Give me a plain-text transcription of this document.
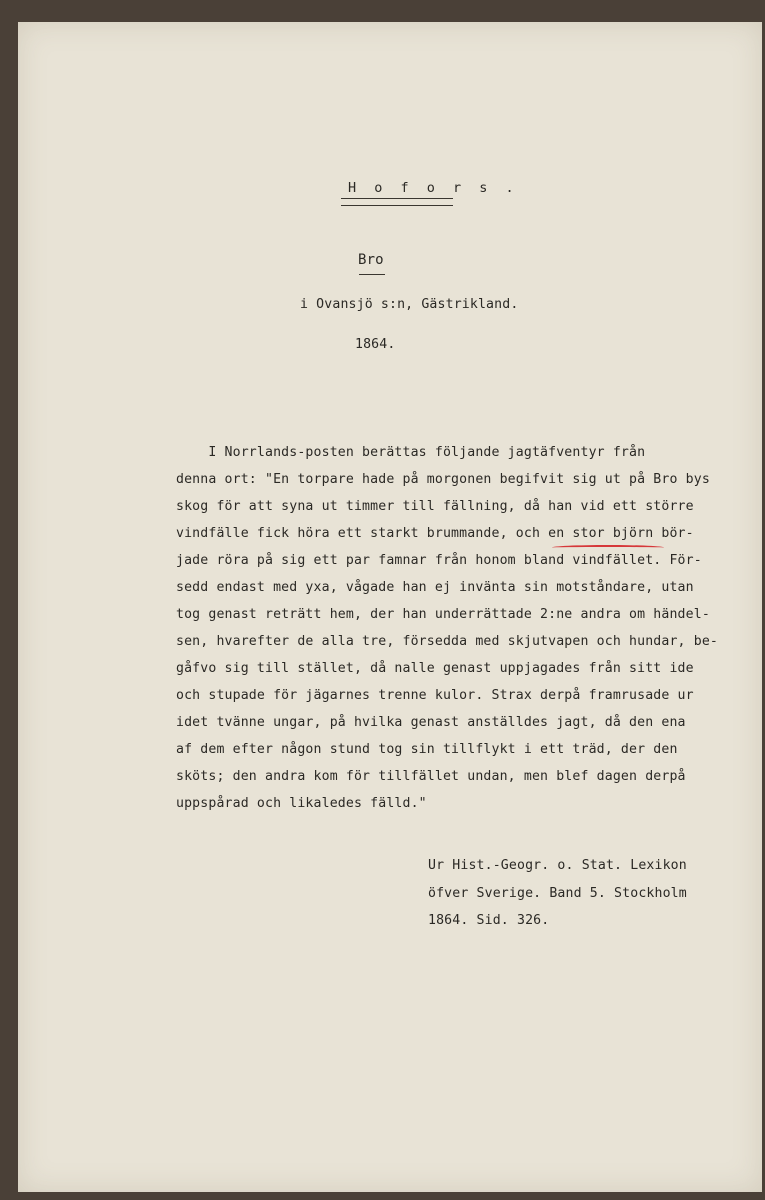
H o f o r s .
Bro
i Ovansjö s:n, Gästrikland.
1864.
I Norrlands-posten berättas följande jagtäfventyr från
denna ort: "En torpare hade på morgonen begifvit sig ut på Bro bys
skog för att syna ut timmer till fällning, då han vid ett större
vindfälle fick höra ett starkt brummande, och en stor björn bör-
jade röra på sig ett par famnar från honom bland vindfället. För-
sedd endast med yxa, vågade han ej invänta sin motståndare, utan
tog genast reträtt hem, der han underrättade 2:ne andra om händel-
sen, hvarefter de alla tre, försedda med skjutvapen och hundar, be-
gåfvo sig till stället, då nalle genast uppjagades från sitt ide
och stupade för jägarnes trenne kulor. Strax derpå framrusade ur
idet tvänne ungar, på hvilka genast anställdes jagt, då den ena
af dem efter någon stund tog sin tillflykt i ett träd, der den
sköts; den andra kom för tillfället undan, men blef dagen derpå
uppspårad och likaledes fälld."
Ur Hist.-Geogr. o. Stat. Lexikon
öfver Sverige. Band 5. Stockholm
1864. Sid. 326.
